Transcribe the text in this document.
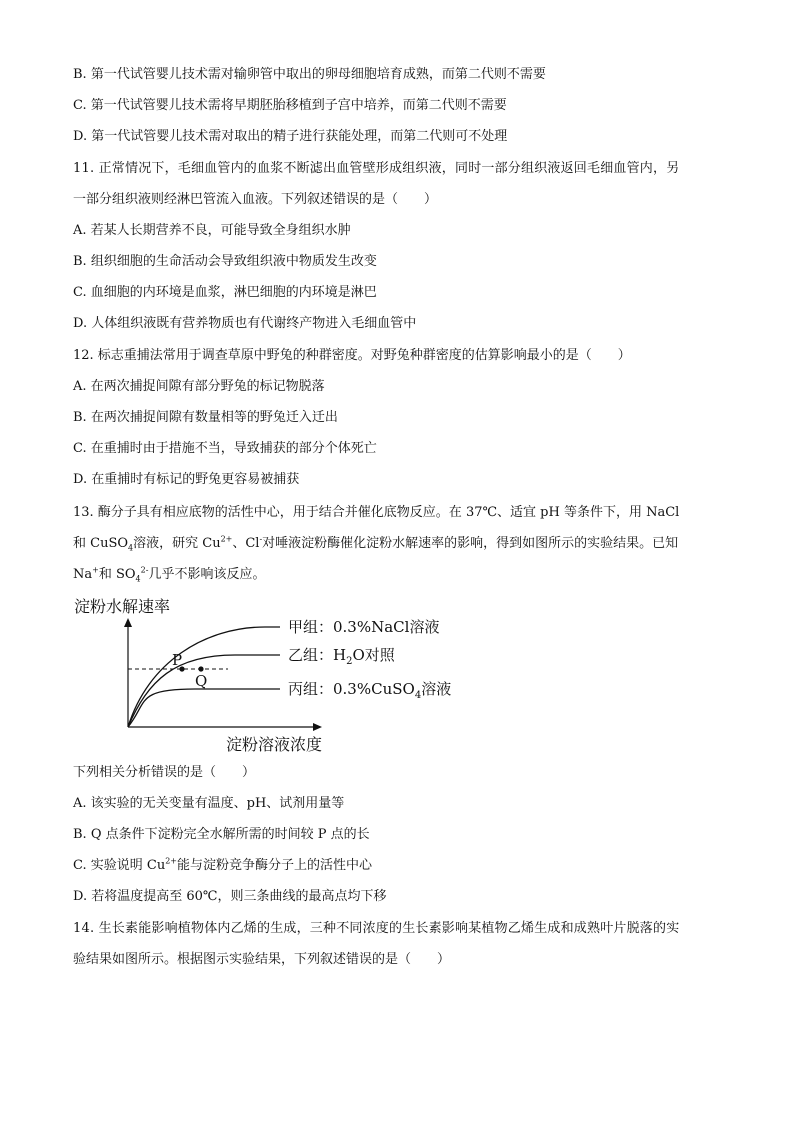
B. 第一代试管婴儿技术需对输卵管中取出的卵母细胞培育成熟，而第二代则不需要
C. 第一代试管婴儿技术需将早期胚胎移植到子宫中培养，而第二代则不需要
D. 第一代试管婴儿技术需对取出的精子进行获能处理，而第二代则可不处理
11. 正常情况下，毛细血管内的血浆不断滤出血管壁形成组织液，同时一部分组织液返回毛细血管内，另
一部分组织液则经淋巴管流入血液。下列叙述错误的是（　　）
A. 若某人长期营养不良，可能导致全身组织水肿
B. 组织细胞的生命活动会导致组织液中物质发生改变
C. 血细胞的内环境是血浆，淋巴细胞的内环境是淋巴
D. 人体组织液既有营养物质也有代谢终产物进入毛细血管中
12. 标志重捕法常用于调查草原中野兔的种群密度。对野兔种群密度的估算影响最小的是（　　）
A. 在两次捕捉间隙有部分野兔的标记物脱落
B. 在两次捕捉间隙有数量相等的野兔迁入迁出
C. 在重捕时由于措施不当，导致捕获的部分个体死亡
D. 在重捕时有标记的野兔更容易被捕获
13. 酶分子具有相应底物的活性中心，用于结合并催化底物反应。在 37℃、适宜 pH 等条件下，用 NaCl
和 CuSO$_4$溶液，研究 $Cu^{2+}$、Cl-对唾液淀粉酶催化淀粉水解速率的影响，得到如图所示的实验结果。已知
Na+和 $SO_4^{2-}$几乎不影响该反应。
淀粉水解速率
淀粉溶液浓度
P
Q
甲组：0.3%NaCl溶液
乙组：$H_2O$对照
丙组：0.3%CuSO$_4$溶液
下列相关分析错误的是（　　）
A. 该实验的无关变量有温度、pH、试剂用量等
B. Q 点条件下淀粉完全水解所需的时间较 P 点的长
C. 实验说明 $Cu^{2+}$能与淀粉竞争酶分子上的活性中心
D. 若将温度提高至 60℃，则三条曲线的最高点均下移
14. 生长素能影响植物体内乙烯的生成，三种不同浓度的生长素影响某植物乙烯生成和成熟叶片脱落的实
验结果如图所示。根据图示实验结果，下列叙述错误的是（　　）
